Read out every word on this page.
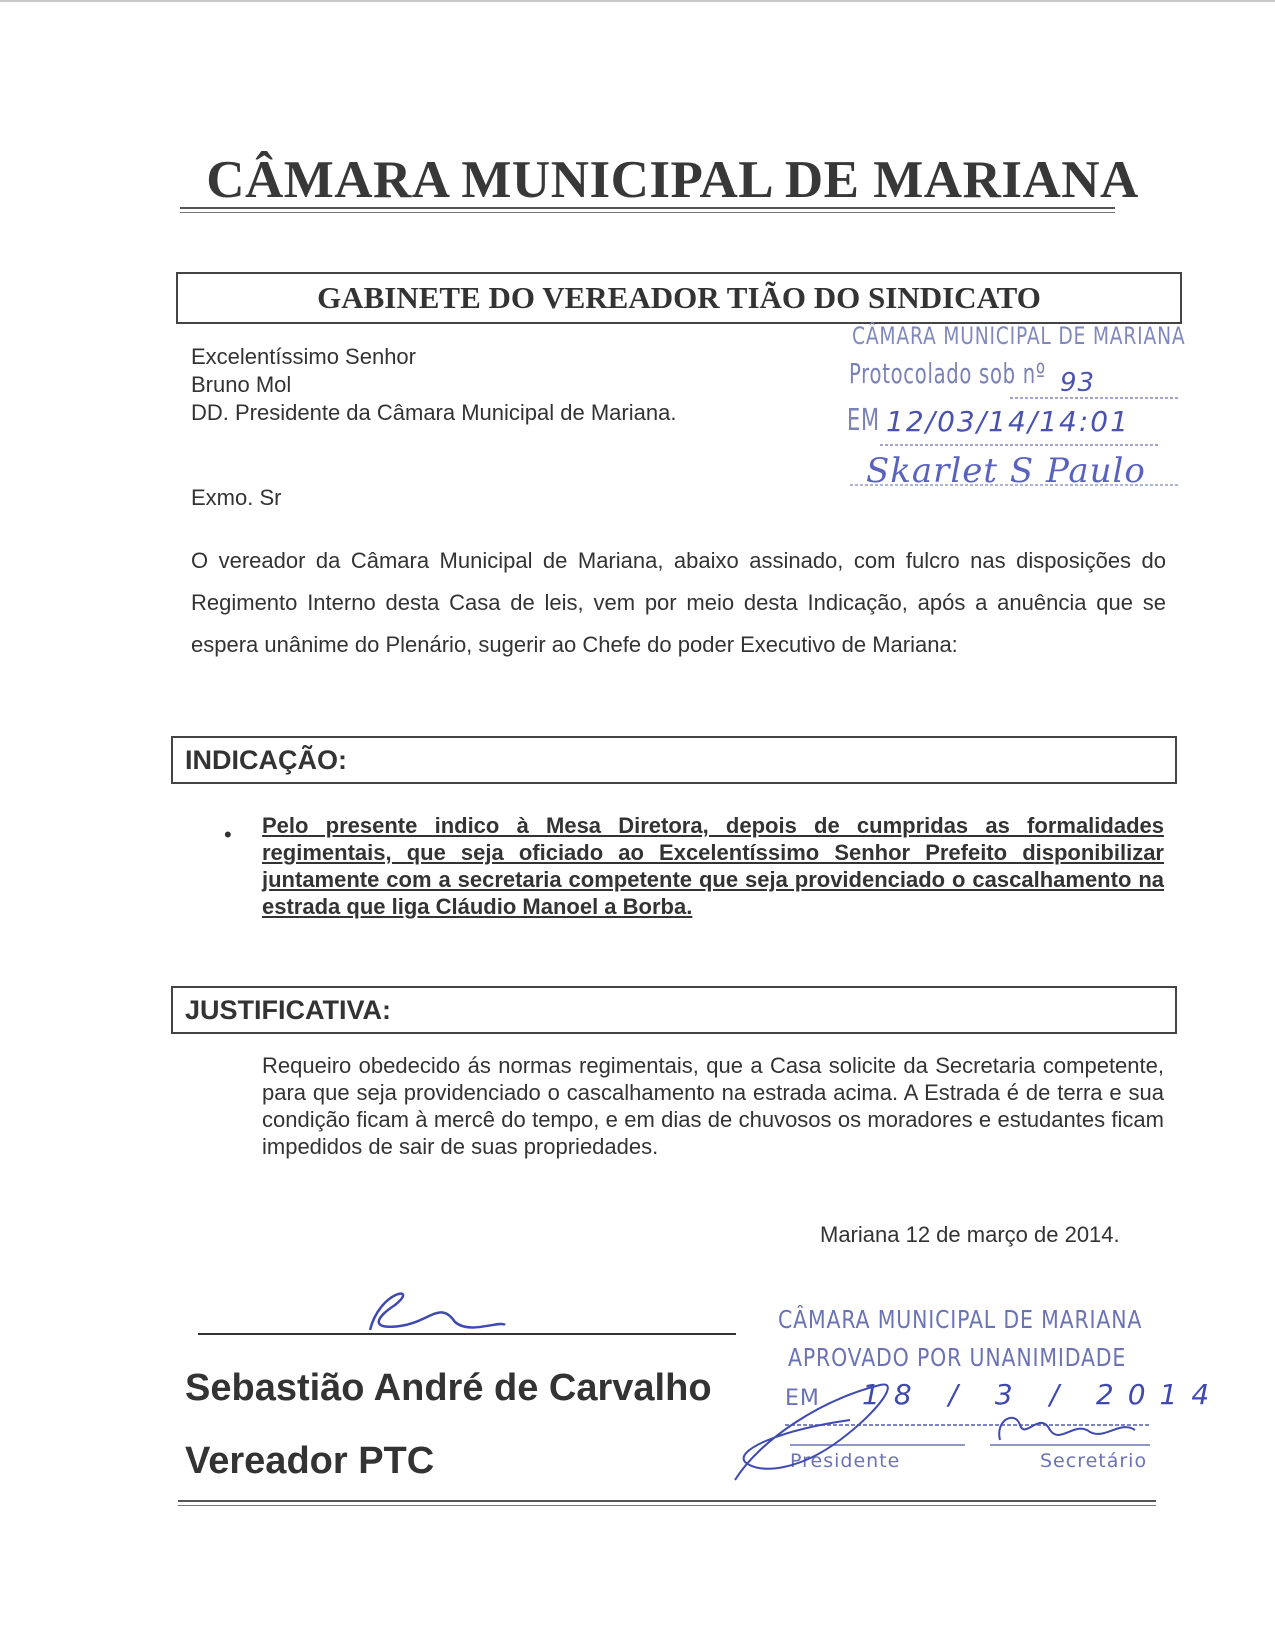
CÂMARA MUNICIPAL DE MARIANA
GABINETE DO VEREADOR TIÃO DO SINDICATO
Excelentíssimo Senhor
Bruno Mol
DD. Presidente da Câmara Municipal de Mariana.
Exmo. Sr
O vereador da Câmara Municipal de Mariana, abaixo assinado, com fulcro nas disposições do Regimento Interno desta Casa de leis, vem por meio desta Indicação, após a anuência que se espera unânime do Plenário, sugerir ao Chefe do poder Executivo de Mariana:
INDICAÇÃO:
• Pelo presente indico à Mesa Diretora, depois de cumpridas as formalidades regimentais, que seja oficiado ao Excelentíssimo Senhor Prefeito disponibilizar juntamente com a secretaria competente que seja providenciado o cascalhamento na estrada que liga Cláudio Manoel a Borba.
JUSTIFICATIVA:
Requeiro obedecido ás normas regimentais, que a Casa solicite da Secretaria competente, para que seja providenciado o cascalhamento na estrada acima. A Estrada é de terra e sua condição ficam à mercê do tempo, e em dias de chuvosos os moradores e estudantes ficam impedidos de sair de suas propriedades.
Mariana 12 de março de 2014.
Sebastião André de Carvalho
Vereador PTC
CÂMARA MUNICIPAL DE MARIANA
Protocolado sob nº 93
EM 12/03/14/14:01
Skarlet S Paulo
CÂMARA MUNICIPAL DE MARIANA
APROVADO POR UNANIMIDADE
EM 18 / 3 / 2014
Presidente	Secretário
Selva
